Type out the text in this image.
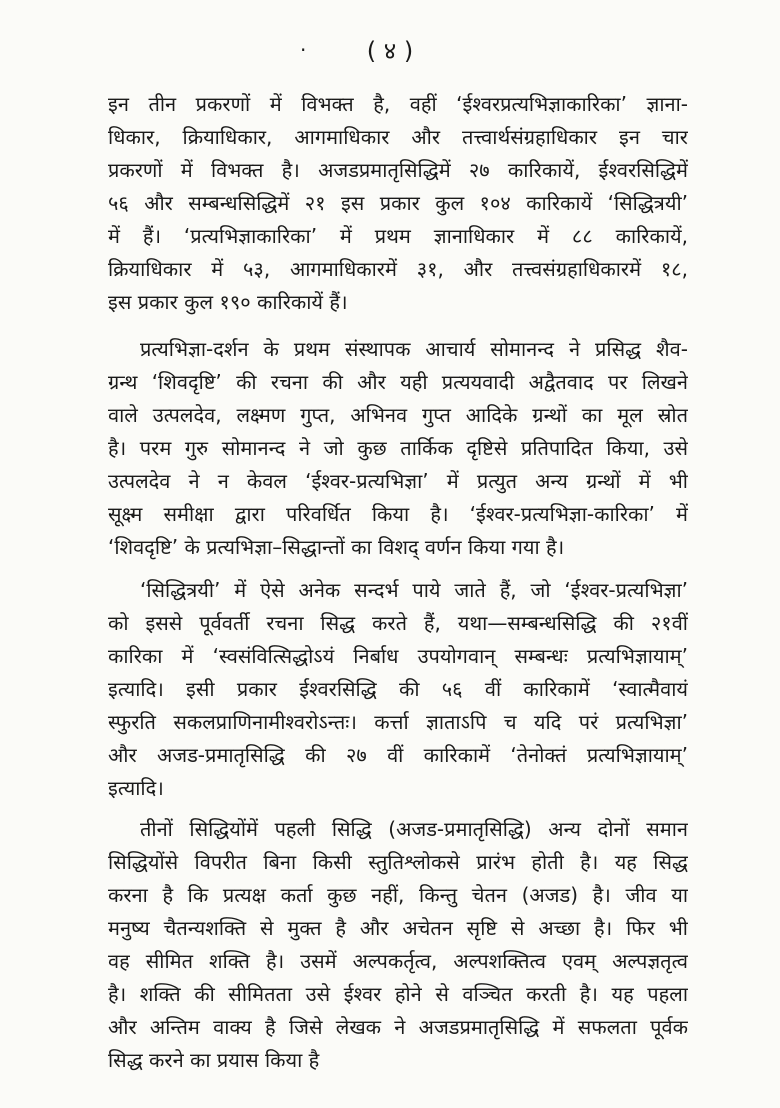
·	( ४ )
इन तीन प्रकरणों में विभक्त है, वहीं ‘ईश्वरप्रत्यभिज्ञाकारिका’ ज्ञाना-
धिकार, क्रियाधिकार, आगमाधिकार और तत्त्वार्थसंग्रहाधिकार इन चार
प्रकरणों में विभक्त है। अजडप्रमातृसिद्धिमें २७ कारिकायें, ईश्वरसिद्धिमें
५६ और सम्बन्धसिद्धिमें २१ इस प्रकार कुल १०४ कारिकायें ‘सिद्धित्रयी’
में हैं। ‘प्रत्यभिज्ञाकारिका’ में प्रथम ज्ञानाधिकार में ८८ कारिकायें,
क्रियाधिकार में ५३, आगमाधिकारमें ३१, और तत्त्वसंग्रहाधिकारमें १८,
इस प्रकार कुल १९० कारिकायें हैं।
प्रत्यभिज्ञा-दर्शन के प्रथम संस्थापक आचार्य सोमानन्द ने प्रसिद्ध शैव-
ग्रन्थ ‘शिवदृष्टि’ की रचना की और यही प्रत्ययवादी अद्वैतवाद पर लिखने
वाले उत्पलदेव, लक्ष्मण गुप्त, अभिनव गुप्त आदिके ग्रन्थों का मूल स्रोत
है। परम गुरु सोमानन्द ने जो कुछ तार्किक दृष्टिसे प्रतिपादित किया, उसे
उत्पलदेव ने न केवल ‘ईश्वर-प्रत्यभिज्ञा’ में प्रत्युत अन्य ग्रन्थों में भी
सूक्ष्म समीक्षा द्वारा परिवर्धित किया है। ‘ईश्वर-प्रत्यभिज्ञा-कारिका’ में
‘शिवदृष्टि’ के प्रत्यभिज्ञा–सिद्धान्तों का विशद् वर्णन किया गया है।
‘सिद्धित्रयी’ में ऐसे अनेक सन्दर्भ पाये जाते हैं, जो ‘ईश्वर-प्रत्यभिज्ञा’
को इससे पूर्ववर्ती रचना सिद्ध करते हैं, यथा—सम्बन्धसिद्धि की २१वीं
कारिका में ‘स्वसंवित्सिद्धोऽयं निर्बाध उपयोगवान् सम्बन्धः प्रत्यभिज्ञायाम्’
इत्यादि। इसी प्रकार ईश्वरसिद्धि की ५६ वीं कारिकामें ‘स्वात्मैवायं
स्फुरति सकलप्राणिनामीश्वरोऽन्तः। कर्त्ता ज्ञाताऽपि च यदि परं प्रत्यभिज्ञा’
और अजड-प्रमातृसिद्धि की २७ वीं कारिकामें ‘तेनोक्तं प्रत्यभिज्ञायाम्’
इत्यादि।
तीनों सिद्धियोंमें पहली सिद्धि (अजड-प्रमातृसिद्धि) अन्य दोनों समान
सिद्धियोंसे विपरीत बिना किसी स्तुतिश्लोकसे प्रारंभ होती है। यह सिद्ध
करना है कि प्रत्यक्ष कर्ता कुछ नहीं, किन्तु चेतन (अजड) है। जीव या
मनुष्य चैतन्यशक्ति से मुक्त है और अचेतन सृष्टि से अच्छा है। फिर भी
वह सीमित शक्ति है। उसमें अल्पकर्तृत्व, अल्पशक्तित्व एवम् अल्पज्ञतृत्व
है। शक्ति की सीमितता उसे ईश्वर होने से वञ्चित करती है। यह पहला
और अन्तिम वाक्य है जिसे लेखक ने अजडप्रमातृसिद्धि में सफलता पूर्वक
सिद्ध करने का प्रयास किया है
